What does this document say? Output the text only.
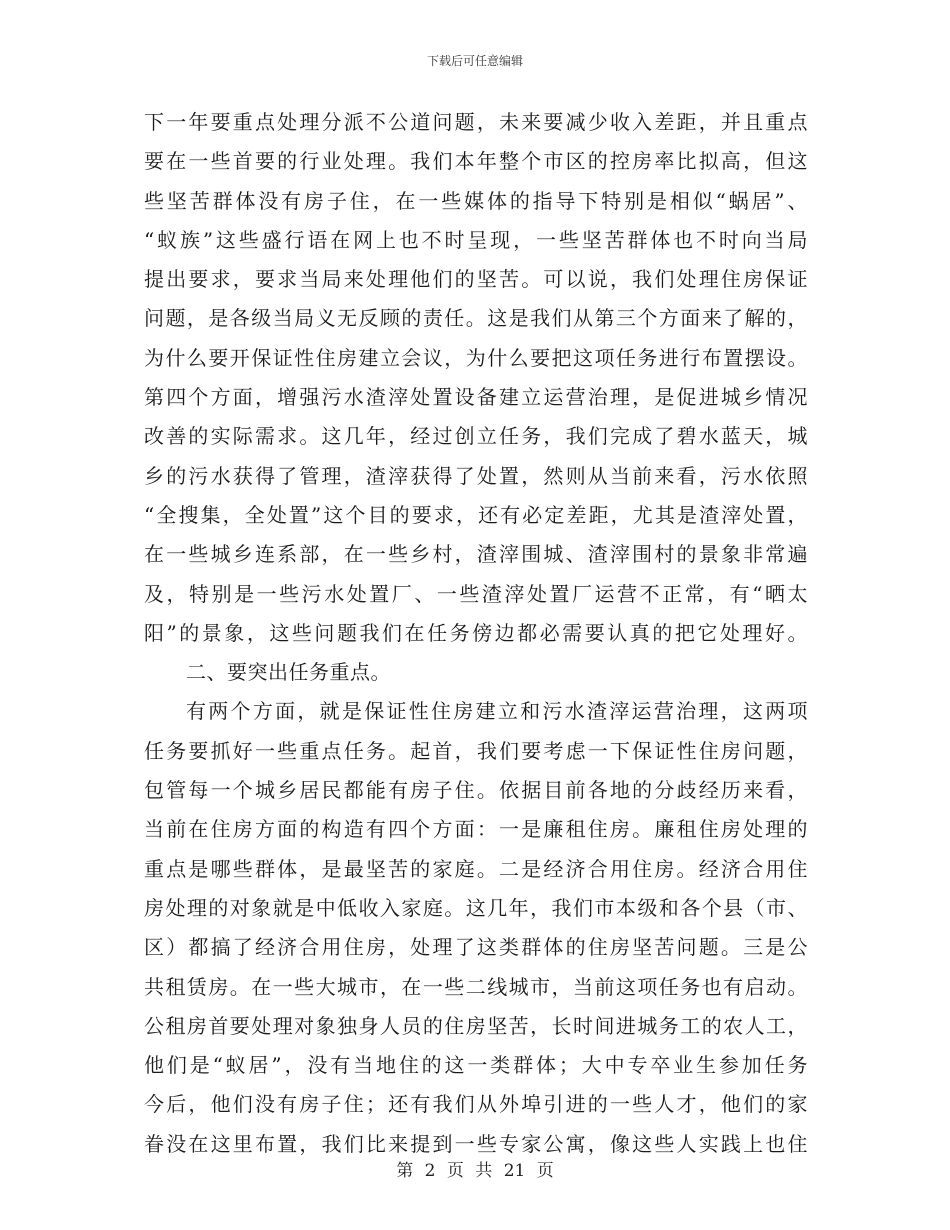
下载后可任意编辑
下一年要重点处理分派不公道问题，未来要减少收入差距，并且重点
要在一些首要的行业处理。我们本年整个市区的控房率比拟高，但这
些坚苦群体没有房子住，在一些媒体的指导下特别是相似“蜗居”、
“蚁族”这些盛行语在网上也不时呈现，一些坚苦群体也不时向当局
提出要求，要求当局来处理他们的坚苦。可以说，我们处理住房保证
问题，是各级当局义无反顾的责任。这是我们从第三个方面来了解的，
为什么要开保证性住房建立会议，为什么要把这项任务进行布置摆设。
第四个方面，增强污水渣滓处置设备建立运营治理，是促进城乡情况
改善的实际需求。这几年，经过创立任务，我们完成了碧水蓝天，城
乡的污水获得了管理，渣滓获得了处置，然则从当前来看，污水依照
“全搜集，全处置”这个目的要求，还有必定差距，尤其是渣滓处置，
在一些城乡连系部，在一些乡村，渣滓围城、渣滓围村的景象非常遍
及，特别是一些污水处置厂、一些渣滓处置厂运营不正常，有“晒太
阳”的景象，这些问题我们在任务傍边都必需要认真的把它处理好。
二、要突出任务重点。
有两个方面，就是保证性住房建立和污水渣滓运营治理，这两项
任务要抓好一些重点任务。起首，我们要考虑一下保证性住房问题，
包管每一个城乡居民都能有房子住。依据目前各地的分歧经历来看，
当前在住房方面的构造有四个方面：一是廉租住房。廉租住房处理的
重点是哪些群体，是最坚苦的家庭。二是经济合用住房。经济合用住
房处理的对象就是中低收入家庭。这几年，我们市本级和各个县（市、
区）都搞了经济合用住房，处理了这类群体的住房坚苦问题。三是公
共租赁房。在一些大城市，在一些二线城市，当前这项任务也有启动。
公租房首要处理对象独身人员的住房坚苦，长时间进城务工的农人工，
他们是“蚁居”，没有当地住的这一类群体；大中专卒业生参加任务
今后，他们没有房子住；还有我们从外埠引进的一些人才，他们的家
眷没在这里布置，我们比来提到一些专家公寓，像这些人实践上也住
第 2 页 共 21 页
